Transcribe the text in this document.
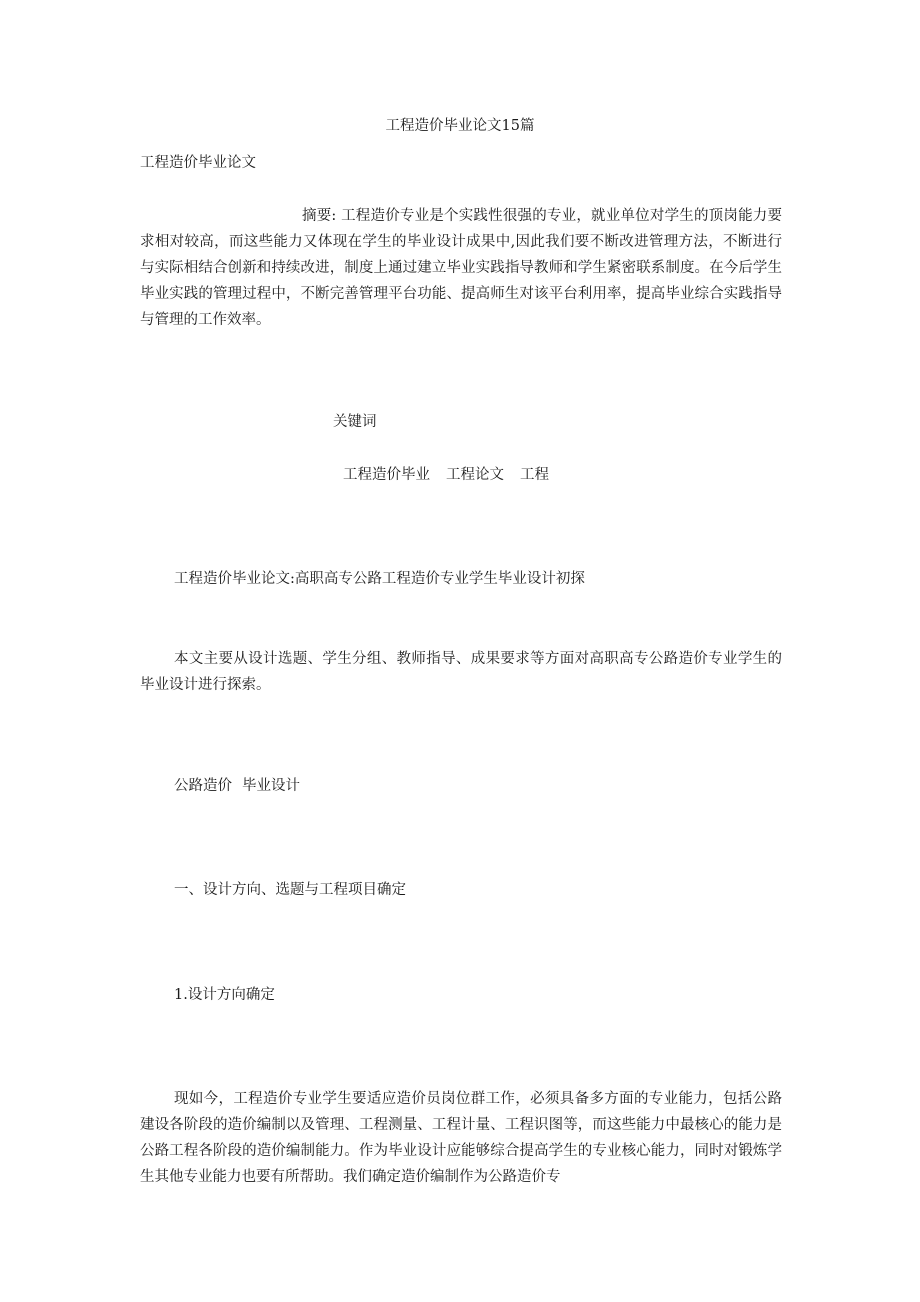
工程造价毕业论文15篇
工程造价毕业论文
摘要: 工程造价专业是个实践性很强的专业，就业单位对学生的顶岗能力要求相对较高，而这些能力又体现在学生的毕业设计成果中,因此我们要不断改进管理方法，不断进行与实际相结合创新和持续改进，制度上通过建立毕业实践指导教师和学生紧密联系制度。在今后学生毕业实践的管理过程中，不断完善管理平台功能、提高师生对该平台利用率，提高毕业综合实践指导与管理的工作效率。
关键词
工程造价毕业 工程论文 工程
工程造价毕业论文:高职高专公路工程造价专业学生毕业设计初探
本文主要从设计选题、学生分组、教师指导、成果要求等方面对高职高专公路造价专业学生的毕业设计进行探索。
公路造价 毕业设计
一、设计方向、选题与工程项目确定
1.设计方向确定
现如今，工程造价专业学生要适应造价员岗位群工作，必须具备多方面的专业能力，包括公路建设各阶段的造价编制以及管理、工程测量、工程计量、工程识图等，而这些能力中最核心的能力是公路工程各阶段的造价编制能力。作为毕业设计应能够综合提高学生的专业核心能力，同时对锻炼学生其他专业能力也要有所帮助。我们确定造价编制作为公路造价专
